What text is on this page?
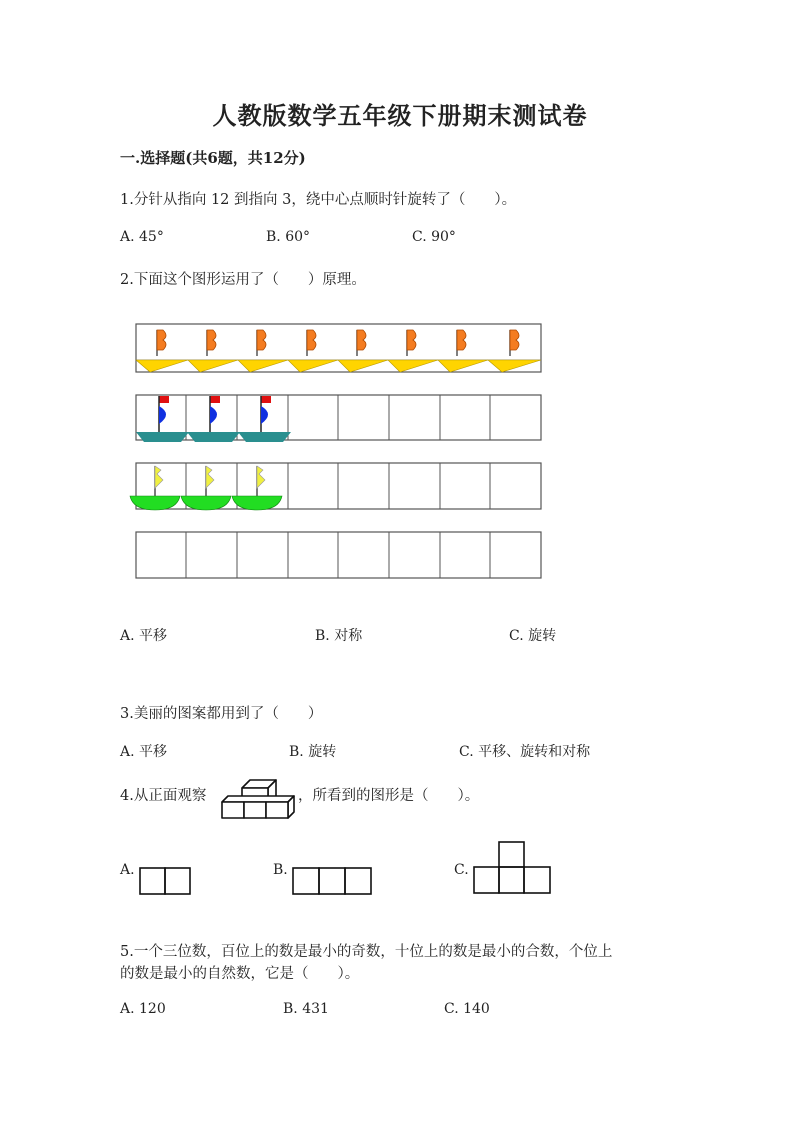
人教版数学五年级下册期末测试卷
一.选择题(共6题，共12分)
1.分针从指向 12 到指向 3，绕中心点顺时针旋转了（　　）。
A. 45°	B. 60°	C. 90°
2.下面这个图形运用了（　　）原理。
A. 平移	B. 对称	C. 旋转
3.美丽的图案都用到了（　　）
A. 平移	B. 旋转	C. 平移、旋转和对称
4.从正面观察	，所看到的图形是（　　）。
A.	B.	C.
5.一个三位数，百位上的数是最小的奇数，十位上的数是最小的合数，个位上
的数是最小的自然数，它是（　　）。
A. 120	B. 431	C. 140
